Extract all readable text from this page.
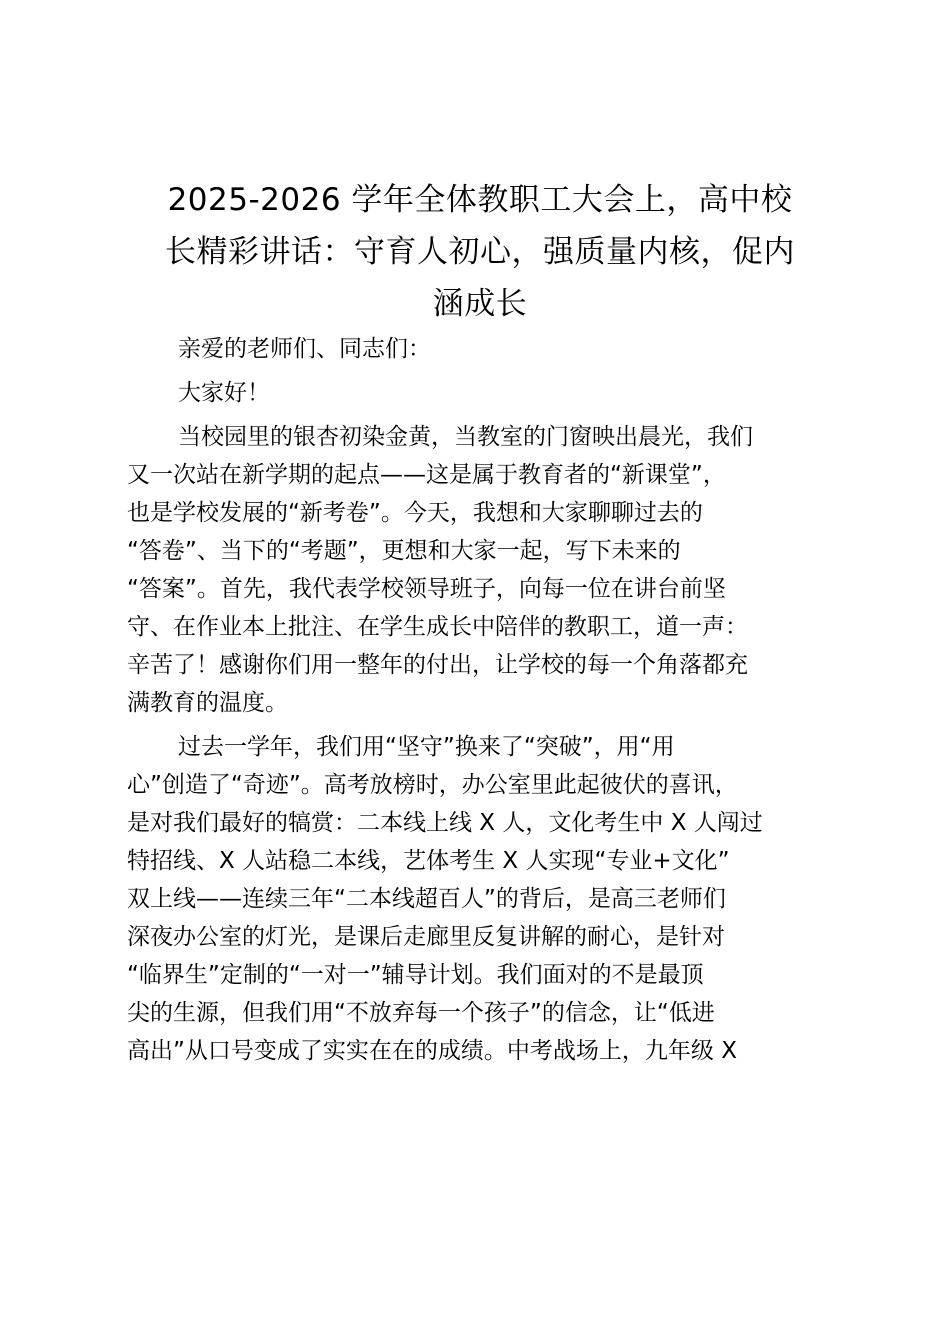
2025-2026 学年全体教职工大会上，高中校
长精彩讲话：守育人初心，强质量内核，促内
涵成长
亲爱的老师们、同志们：
大家好！
当校园里的银杏初染金黄，当教室的门窗映出晨光，我们
又一次站在新学期的起点——这是属于教育者的“新课堂”，
也是学校发展的“新考卷”。今天，我想和大家聊聊过去的
“答卷”、当下的“考题”，更想和大家一起，写下未来的
“答案”。首先，我代表学校领导班子，向每一位在讲台前坚
守、在作业本上批注、在学生成长中陪伴的教职工，道一声：
辛苦了！感谢你们用一整年的付出，让学校的每一个角落都充
满教育的温度。
过去一学年，我们用“坚守”换来了“突破”，用“用
心”创造了“奇迹”。高考放榜时，办公室里此起彼伏的喜讯，
是对我们最好的犒赏：二本线上线 X 人，文化考生中 X 人闯过
特招线、X 人站稳二本线，艺体考生 X 人实现“专业+文化”
双上线——连续三年“二本线超百人”的背后，是高三老师们
深夜办公室的灯光，是课后走廊里反复讲解的耐心，是针对
“临界生”定制的“一对一”辅导计划。我们面对的不是最顶
尖的生源，但我们用“不放弃每一个孩子”的信念，让“低进
高出”从口号变成了实实在在的成绩。中考战场上，九年级 X
